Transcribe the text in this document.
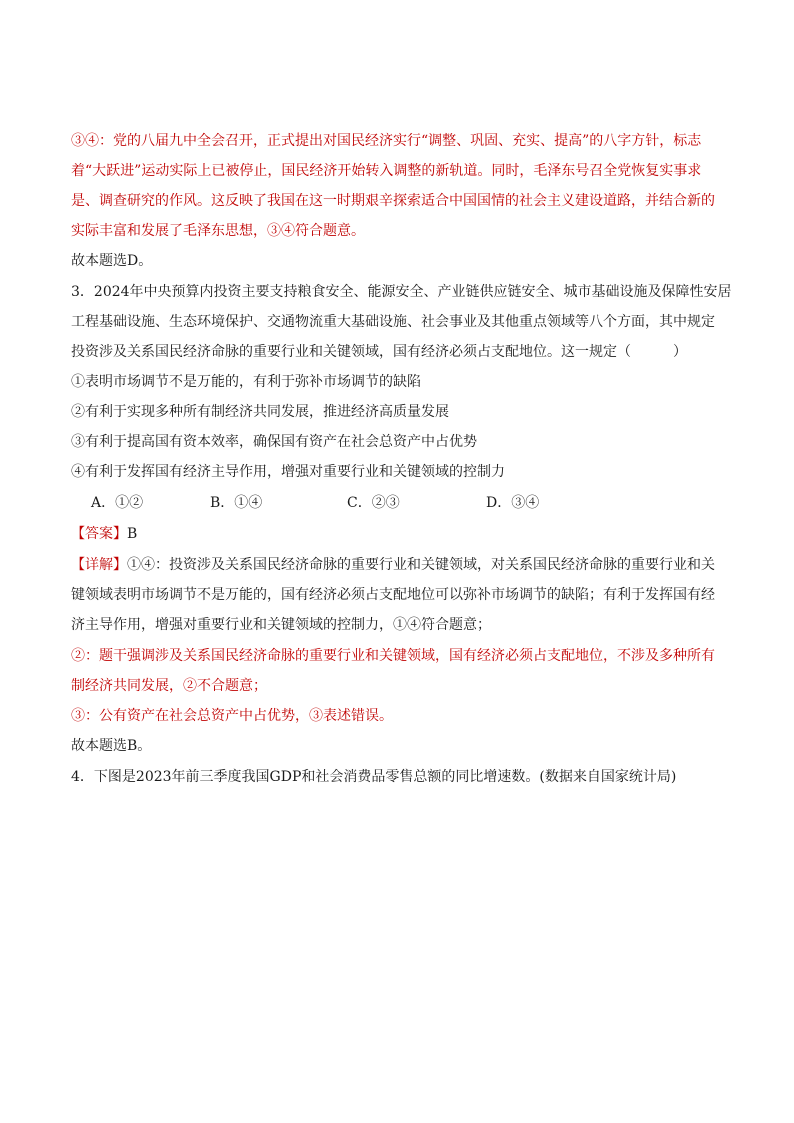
③④：党的八届九中全会召开，正式提出对国民经济实行“调整、巩固、充实、提高”的八字方针，标志
着“大跃进”运动实际上已被停止，国民经济开始转入调整的新轨道。同时，毛泽东号召全党恢复实事求
是、调查研究的作风。这反映了我国在这一时期艰辛探索适合中国国情的社会主义建设道路，并结合新的
实际丰富和发展了毛泽东思想，③④符合题意。
故本题选D。
3．2024年中央预算内投资主要支持粮食安全、能源安全、产业链供应链安全、城市基础设施及保障性安居
工程基础设施、生态环境保护、交通物流重大基础设施、社会事业及其他重点领域等八个方面，其中规定
投资涉及关系国民经济命脉的重要行业和关键领域，国有经济必须占支配地位。这一规定（　　　）
①表明市场调节不是万能的，有利于弥补市场调节的缺陷
②有利于实现多种所有制经济共同发展，推进经济高质量发展
③有利于提高国有资本效率，确保国有资产在社会总资产中占优势
④有利于发挥国有经济主导作用，增强对重要行业和关键领域的控制力
A．①②	B．①④	C．②③	D．③④
【答案】B
【详解】①④：投资涉及关系国民经济命脉的重要行业和关键领域，对关系国民经济命脉的重要行业和关
键领域表明市场调节不是万能的，国有经济必须占支配地位可以弥补市场调节的缺陷；有利于发挥国有经
济主导作用，增强对重要行业和关键领域的控制力，①④符合题意；
②：题干强调涉及关系国民经济命脉的重要行业和关键领域，国有经济必须占支配地位，不涉及多种所有
制经济共同发展，②不合题意；
③：公有资产在社会总资产中占优势，③表述错误。
故本题选B。
4．下图是2023年前三季度我国GDP和社会消费品零售总额的同比增速数。(数据来自国家统计局)
